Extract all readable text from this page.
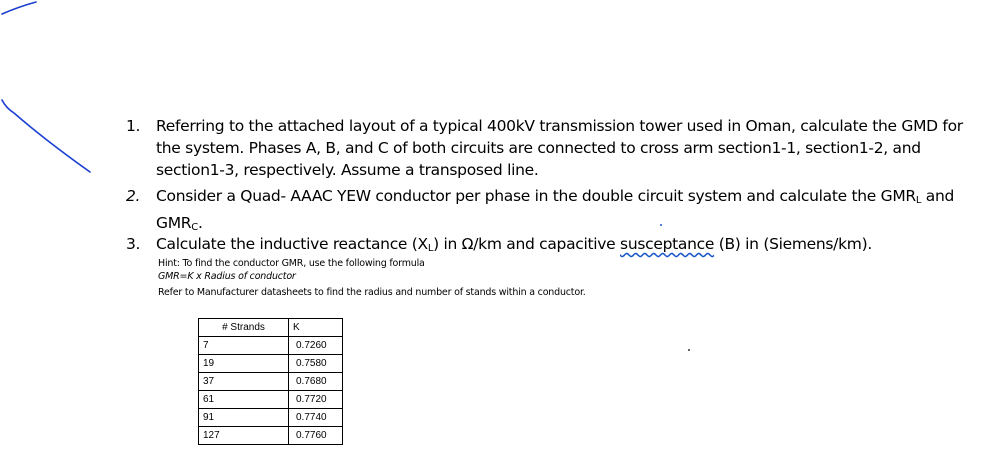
1.	Referring to the attached layout of a typical 400kV transmission tower used in Oman, calculate the GMD for
the system. Phases A, B, and C of both circuits are connected to cross arm section1-1, section1-2, and
section1-3, respectively. Assume a transposed line.
2.	Consider a Quad- AAAC YEW conductor per phase in the double circuit system and calculate the $GMR_L$ and
$GMR_C$.
3.	Calculate the inductive reactance $(X_L)$ in Ω/km and capacitive susceptance (B) in (Siemens/km).
Hint: To find the conductor GMR, use the following formula
GMR=K x Radius of conductor
Refer to Manufacturer datasheets to find the radius and number of stands within a conductor.
# Strands	K
7	0.7260
19	0.7580
37	0.7680
61	0.7720
91	0.7740
127	0.7760
